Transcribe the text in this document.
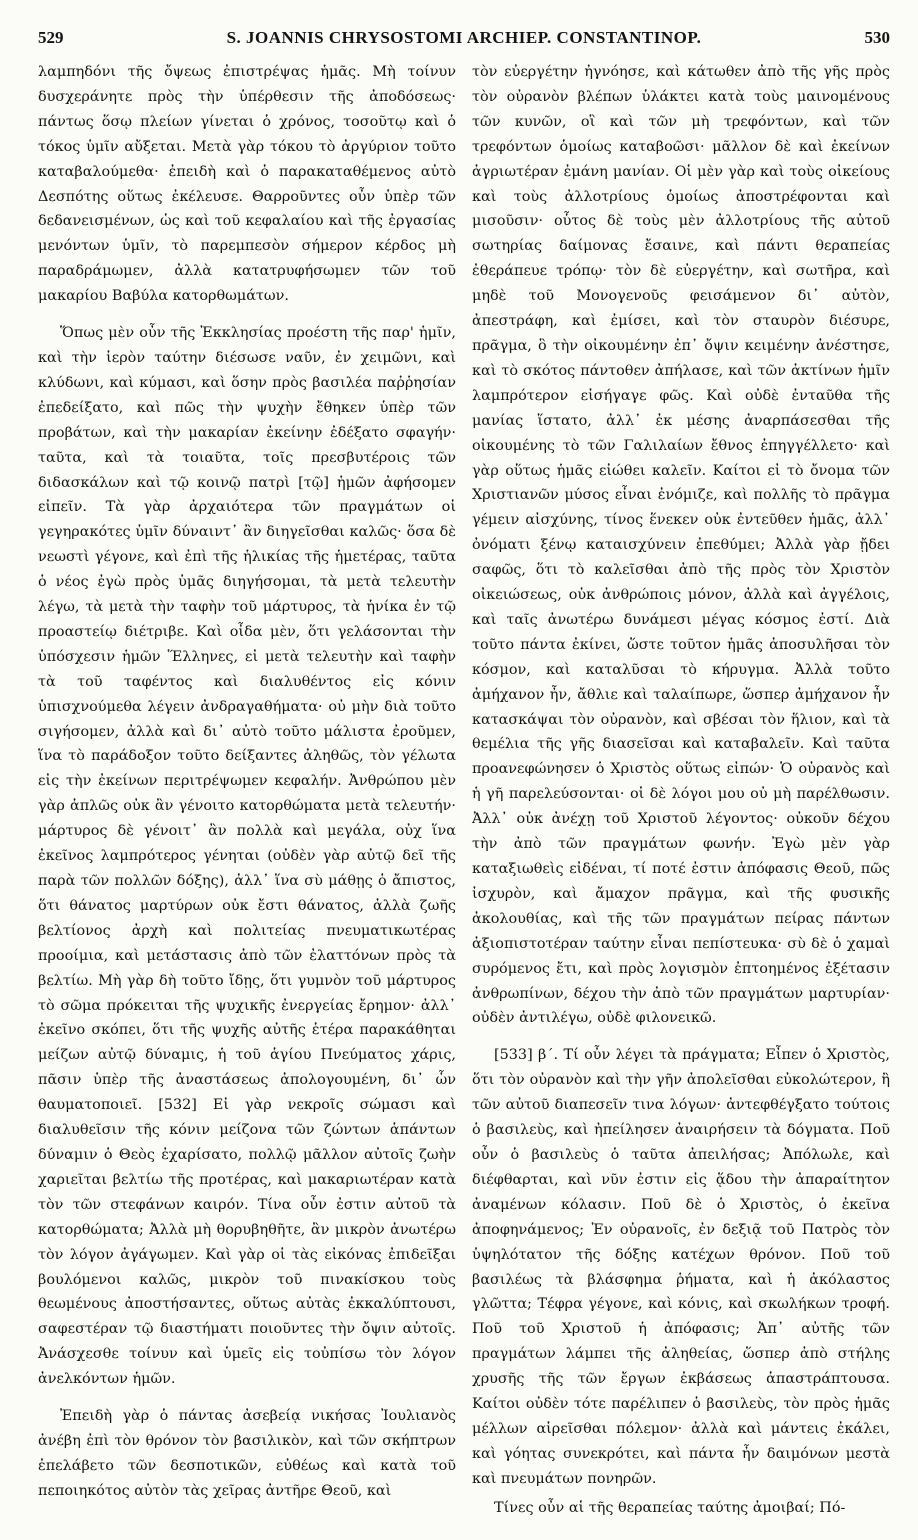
529	S. JOANNIS CHRYSOSTOMI ARCHIEP. CONSTANTINOP.	530

λαμπηδόνι τῆς ὄψεως ἐπιστρέψας ἡμᾶς. Μὴ τοίνυν δυσχεράνητε πρὸς τὴν ὑπέρθεσιν τῆς ἀποδόσεως· πάντως ὅσῳ πλείων γίνεται ὁ χρόνος, τοσοῦτῳ καὶ ὁ τόκος ὑμῖν αὔξεται. Μετὰ γὰρ τόκου τὸ ἀργύριον τοῦτο καταβαλούμεθα· ἐπειδὴ καὶ ὁ παρακαταθέμενος αὐτὸ Δεσπότης οὕτως ἐκέλευσε. Θαρροῦντες οὖν ὑπὲρ τῶν δεδανεισμένων, ὡς καὶ τοῦ κεφαλαίου καὶ τῆς ἐργασίας μενόντων ὑμῖν, τὸ παρεμπεσὸν σήμερον κέρδος μὴ παραδράμωμεν, ἀλλὰ κατατρυφήσωμεν τῶν τοῦ μακαρίου Βαβύλα κατορθωμάτων.

Ὅπως μὲν οὖν τῆς Ἐκκλησίας προέστη τῆς παρ' ἡμῖν, καὶ τὴν ἱερὸν ταύτην διέσωσε ναῦν, ἐν χειμῶνι, καὶ κλύδωνι, καὶ κύμασι, καὶ ὅσην πρὸς βασιλέα παῤῥησίαν ἐπεδείξατο, καὶ πῶς τὴν ψυχὴν ἔθηκεν ὑπὲρ τῶν προβάτων, καὶ τὴν μακαρίαν ἐκείνην ἐδέξατο σφαγήν· ταῦτα, καὶ τὰ τοιαῦτα, τοῖς πρεσβυτέροις τῶν διδασκάλων καὶ τῷ κοινῷ πατρὶ [τῷ] ἡμῶν ἀφήσομεν εἰπεῖν. Τὰ γὰρ ἀρχαιότερα τῶν πραγμάτων οἱ γεγηρακότες ὑμῖν δύναιντ᾽ ἂν διηγεῖσθαι καλῶς· ὅσα δὲ νεωστὶ γέγονε, καὶ ἐπὶ τῆς ἡλικίας τῆς ἡμετέρας, ταῦτα ὁ νέος ἐγὼ πρὸς ὑμᾶς διηγήσομαι, τὰ μετὰ τελευτὴν λέγω, τὰ μετὰ τὴν ταφὴν τοῦ μάρτυρος, τὰ ἡνίκα ἐν τῷ προαστείῳ διέτριβε. Καὶ οἶδα μὲν, ὅτι γελάσονται τὴν ὑπόσχεσιν ἡμῶν Ἕλληνες, εἰ μετὰ τελευτὴν καὶ ταφὴν τὰ τοῦ ταφέντος καὶ διαλυθέντος εἰς κόνιν ὑπισχνούμεθα λέγειν ἀνδραγαθήματα· οὐ μὴν διὰ τοῦτο σιγήσομεν, ἀλλὰ καὶ δι᾽ αὐτὸ τοῦτο μάλιστα ἐροῦμεν, ἵνα τὸ παράδοξον τοῦτο δείξαντες ἀληθῶς, τὸν γέλωτα εἰς τὴν ἐκείνων περιτρέψωμεν κεφαλήν. Ἀνθρώπου μὲν γὰρ ἁπλῶς οὐκ ἂν γένοιτο κατορθώματα μετὰ τελευτήν· μάρτυρος δὲ γένοιτ᾽ ἂν πολλὰ καὶ μεγάλα, οὐχ ἵνα ἐκεῖνος λαμπρότερος γένηται (οὐδὲν γὰρ αὐτῷ δεῖ τῆς παρὰ τῶν πολλῶν δόξης), ἀλλ᾽ ἵνα σὺ μάθῃς ὁ ἄπιστος, ὅτι θάνατος μαρτύρων οὐκ ἔστι θάνατος, ἀλλὰ ζωῆς βελτίονος ἀρχὴ καὶ πολιτείας πνευματικωτέρας προοίμια, καὶ μετάστασις ἀπὸ τῶν ἐλαττόνων πρὸς τὰ βελτίω. Μὴ γὰρ δὴ τοῦτο ἴδῃς, ὅτι γυμνὸν τοῦ μάρτυρος τὸ σῶμα πρόκειται τῆς ψυχικῆς ἐνεργείας ἔρημον· ἀλλ᾽ ἐκεῖνο σκόπει, ὅτι τῆς ψυχῆς αὐτῆς ἑτέρα παρακάθηται μείζων αὐτῷ δύναμις, ἡ τοῦ ἁγίου Πνεύματος χάρις, πᾶσιν ὑπὲρ τῆς ἀναστάσεως ἀπολογουμένη, δι᾽ ὧν θαυματοποιεῖ. [532] Εἰ γὰρ νεκροῖς σώμασι καὶ διαλυθεῖσιν τῆς κόνιν μείζονα τῶν ζώντων ἁπάντων δύναμιν ὁ Θεὸς ἐχαρίσατο, πολλῷ μᾶλλον αὐτοῖς ζωὴν χαριεῖται βελτίω τῆς προτέρας, καὶ μακαριωτέραν κατὰ τὸν τῶν στεφάνων καιρόν. Τίνα οὖν ἐστιν αὐτοῦ τὰ κατορθώματα; Ἀλλὰ μὴ θορυβηθῆτε, ἂν μικρὸν ἀνωτέρω τὸν λόγον ἀγάγωμεν. Καὶ γὰρ οἱ τὰς εἰκόνας ἐπιδεῖξαι βουλόμενοι καλῶς, μικρὸν τοῦ πινακίσκου τοὺς θεωμένους ἀποστήσαντες, οὕτως αὐτὰς ἐκκαλύπτουσι, σαφεστέραν τῷ διαστήματι ποιοῦντες τὴν ὄψιν αὐτοῖς. Ἀνάσχεσθε τοίνυν καὶ ὑμεῖς εἰς τοὐπίσω τὸν λόγον ἀνελκόντων ἡμῶν.

Ἐπειδὴ γὰρ ὁ πάντας ἀσεβείᾳ νικήσας Ἰουλιανὸς ἀνέβη ἐπὶ τὸν θρόνον τὸν βασιλικὸν, καὶ τῶν σκήπτρων ἐπελάβετο τῶν δεσποτικῶν, εὐθέως καὶ κατὰ τοῦ πεποιηκότος αὐτὸν τὰς χεῖρας ἀντῆρε Θεοῦ, καὶ

τὸν εὐεργέτην ἠγνόησε, καὶ κάτωθεν ἀπὸ τῆς γῆς πρὸς τὸν οὐρανὸν βλέπων ὑλάκτει κατὰ τοὺς μαινομένους τῶν κυνῶν, οἳ καὶ τῶν μὴ τρεφόντων, καὶ τῶν τρεφόντων ὁμοίως καταβοῶσι· μᾶλλον δὲ καὶ ἐκείνων ἀγριωτέραν ἐμάνη μανίαν. Οἱ μὲν γὰρ καὶ τοὺς οἰκείους καὶ τοὺς ἀλλοτρίους ὁμοίως ἀποστρέφονται καὶ μισοῦσιν· οὗτος δὲ τοὺς μὲν ἀλλοτρίους τῆς αὐτοῦ σωτηρίας δαίμονας ἔσαινε, καὶ πάντι θεραπείας ἐθεράπευε τρόπῳ· τὸν δὲ εὐεργέτην, καὶ σωτῆρα, καὶ μηδὲ τοῦ Μονογενοῦς φεισάμενον δι᾽ αὐτὸν, ἀπεστράφη, καὶ ἐμίσει, καὶ τὸν σταυρὸν διέσυρε, πρᾶγμα, ὃ τὴν οἰκουμένην ἐπ᾽ ὄψιν κειμένην ἀνέστησε, καὶ τὸ σκότος πάντοθεν ἀπήλασε, καὶ τῶν ἀκτίνων ἡμῖν λαμπρότερον εἰσήγαγε φῶς. Καὶ οὐδὲ ἐνταῦθα τῆς μανίας ἵστατο, ἀλλ᾽ ἐκ μέσης ἀναρπάσεσθαι τῆς οἰκουμένης τὸ τῶν Γαλιλαίων ἔθνος ἐπηγγέλλετο· καὶ γὰρ οὕτως ἡμᾶς εἰώθει καλεῖν. Καίτοι εἰ τὸ ὄνομα τῶν Χριστιανῶν μύσος εἶναι ἐνόμιζε, καὶ πολλῆς τὸ πρᾶγμα γέμειν αἰσχύνης, τίνος ἕνεκεν οὐκ ἐντεῦθεν ἡμᾶς, ἀλλ᾽ ὀνόματι ξένῳ καταισχύνειν ἐπεθύμει; Ἀλλὰ γὰρ ᾔδει σαφῶς, ὅτι τὸ καλεῖσθαι ἀπὸ τῆς πρὸς τὸν Χριστὸν οἰκειώσεως, οὐκ ἀνθρώποις μόνον, ἀλλὰ καὶ ἀγγέλοις, καὶ ταῖς ἀνωτέρω δυνάμεσι μέγας κόσμος ἐστί. Διὰ τοῦτο πάντα ἐκίνει, ὥστε τοῦτον ἡμᾶς ἀποσυλῆσαι τὸν κόσμον, καὶ καταλῦσαι τὸ κήρυγμα. Ἀλλὰ τοῦτο ἀμήχανον ἦν, ἄθλιε καὶ ταλαίπωρε, ὥσπερ ἀμήχανον ἦν κατασκάψαι τὸν οὐρανὸν, καὶ σβέσαι τὸν ἥλιον, καὶ τὰ θεμέλια τῆς γῆς διασεῖσαι καὶ καταβαλεῖν. Καὶ ταῦτα προανεφώνησεν ὁ Χριστὸς οὕτως εἰπών· Ὁ οὐρανὸς καὶ ἡ γῆ παρελεύσονται· οἱ δὲ λόγοι μου οὐ μὴ παρέλθωσιν. Ἀλλ᾽ οὐκ ἀνέχῃ τοῦ Χριστοῦ λέγοντος· οὐκοῦν δέχου τὴν ἀπὸ τῶν πραγμάτων φωνήν. Ἐγὼ μὲν γὰρ καταξιωθεὶς εἰδέναι, τί ποτέ ἐστιν ἀπόφασις Θεοῦ, πῶς ἰσχυρὸν, καὶ ἄμαχον πρᾶγμα, καὶ τῆς φυσικῆς ἀκολουθίας, καὶ τῆς τῶν πραγμάτων πείρας πάντων ἀξιοπιστοτέραν ταύτην εἶναι πεπίστευκα· σὺ δὲ ὁ χαμαὶ συρόμενος ἔτι, καὶ πρὸς λογισμὸν ἐπτοημένος ἐξέτασιν ἀνθρωπίνων, δέχου τὴν ἀπὸ τῶν πραγμάτων μαρτυρίαν· οὐδὲν ἀντιλέγω, οὐδὲ φιλονεικῶ.

[533] β΄. Τί οὖν λέγει τὰ πράγματα; Εἶπεν ὁ Χριστὸς, ὅτι τὸν οὐρανὸν καὶ τὴν γῆν ἀπολεῖσθαι εὐκολώτερον, ἢ τῶν αὐτοῦ διαπεσεῖν τινα λόγων· ἀντεφθέγξατο τούτοις ὁ βασιλεὺς, καὶ ἠπείλησεν ἀναιρήσειν τὰ δόγματα. Ποῦ οὖν ὁ βασιλεὺς ὁ ταῦτα ἀπειλήσας; Ἀπόλωλε, καὶ διέφθαρται, καὶ νῦν ἐστιν εἰς ᾅδου τὴν ἀπαραίτητον ἀναμένων κόλασιν. Ποῦ δὲ ὁ Χριστὸς, ὁ ἐκεῖνα ἀποφηνάμενος; Ἐν οὐρανοῖς, ἐν δεξιᾷ τοῦ Πατρὸς τὸν ὑψηλότατον τῆς δόξης κατέχων θρόνον. Ποῦ τοῦ βασιλέως τὰ βλάσφημα ῥήματα, καὶ ἡ ἀκόλαστος γλῶττα; Τέφρα γέγονε, καὶ κόνις, καὶ σκωλήκων τροφή. Ποῦ τοῦ Χριστοῦ ἡ ἀπόφασις; Ἀπ᾽ αὐτῆς τῶν πραγμάτων λάμπει τῆς ἀληθείας, ὥσπερ ἀπὸ στήλης χρυσῆς τῆς τῶν ἔργων ἐκβάσεως ἀπαστράπτουσα. Καίτοι οὐδὲν τότε παρέλιπεν ὁ βασιλεὺς, τὸν πρὸς ἡμᾶς μέλλων αἱρεῖσθαι πόλεμον· ἀλλὰ καὶ μάντεις ἐκάλει, καὶ γόητας συνεκρότει, καὶ πάντα ἦν δαιμόνων μεστὰ καὶ πνευμάτων πονηρῶν.

Τίνες οὖν αἱ τῆς θεραπείας ταύτης ἀμοιβαί; Πό-
